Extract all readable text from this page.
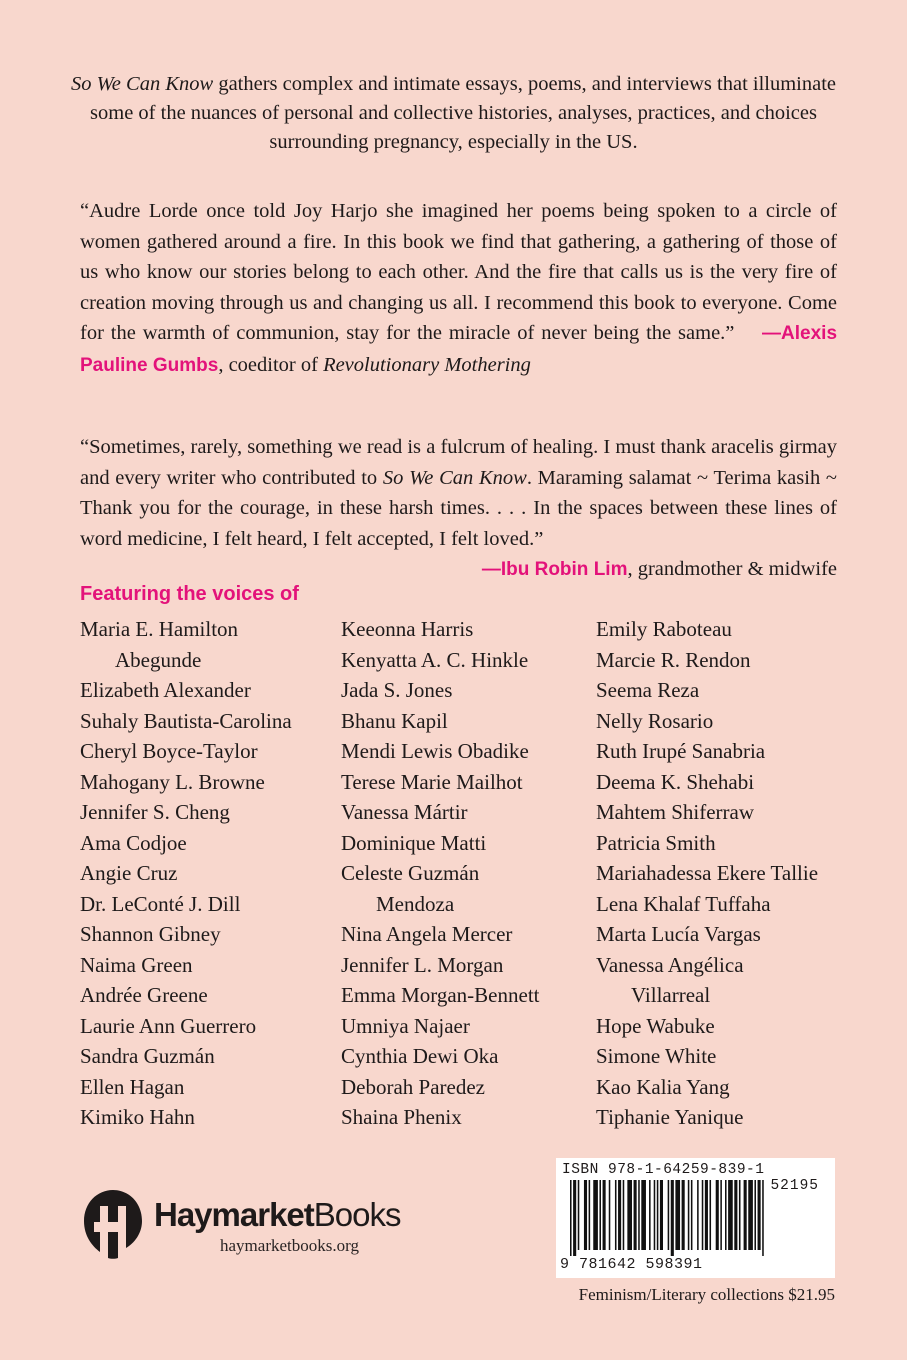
So We Can Know gathers complex and intimate essays, poems, and interviews that illuminate some of the nuances of personal and collective histories, analyses, practices, and choices surrounding pregnancy, especially in the US.
“Audre Lorde once told Joy Harjo she imagined her poems being spoken to a circle of women gathered around a fire. In this book we find that gathering, a gathering of those of us who know our stories belong to each other. And the fire that calls us is the very fire of creation moving through us and changing us all. I recommend this book to everyone. Come for the warmth of communion, stay for the miracle of never being the same.” —Alexis Pauline Gumbs, coeditor of Revolutionary Mothering
“Sometimes, rarely, something we read is a fulcrum of healing. I must thank aracelis girmay and every writer who contributed to So We Can Know. Maraming salamat ~ Terima kasih ~ Thank you for the courage, in these harsh times. . . . In the spaces between these lines of word medicine, I felt heard, I felt accepted, I felt loved.”
—Ibu Robin Lim, grandmother & midwife
Featuring the voices of
Maria E. Hamilton
Abegunde
Elizabeth Alexander
Suhaly Bautista-Carolina
Cheryl Boyce-Taylor
Mahogany L. Browne
Jennifer S. Cheng
Ama Codjoe
Angie Cruz
Dr. LeConté J. Dill
Shannon Gibney
Naima Green
Andrée Greene
Laurie Ann Guerrero
Sandra Guzmán
Ellen Hagan
Kimiko Hahn
Keeonna Harris
Kenyatta A. C. Hinkle
Jada S. Jones
Bhanu Kapil
Mendi Lewis Obadike
Terese Marie Mailhot
Vanessa Mártir
Dominique Matti
Celeste Guzmán
Mendoza
Nina Angela Mercer
Jennifer L. Morgan
Emma Morgan-Bennett
Umniya Najaer
Cynthia Dewi Oka
Deborah Paredez
Shaina Phenix
Emily Raboteau
Marcie R. Rendon
Seema Reza
Nelly Rosario
Ruth Irupé Sanabria
Deema K. Shehabi
Mahtem Shiferraw
Patricia Smith
Mariahadessa Ekere Tallie
Lena Khalaf Tuffaha
Marta Lucía Vargas
Vanessa Angélica
Villarreal
Hope Wabuke
Simone White
Kao Kalia Yang
Tiphanie Yanique
HaymarketBooks
haymarketbooks.org
ISBN 978-1-64259-839-1
52195
9 781642 598391
Feminism/Literary collections $21.95
